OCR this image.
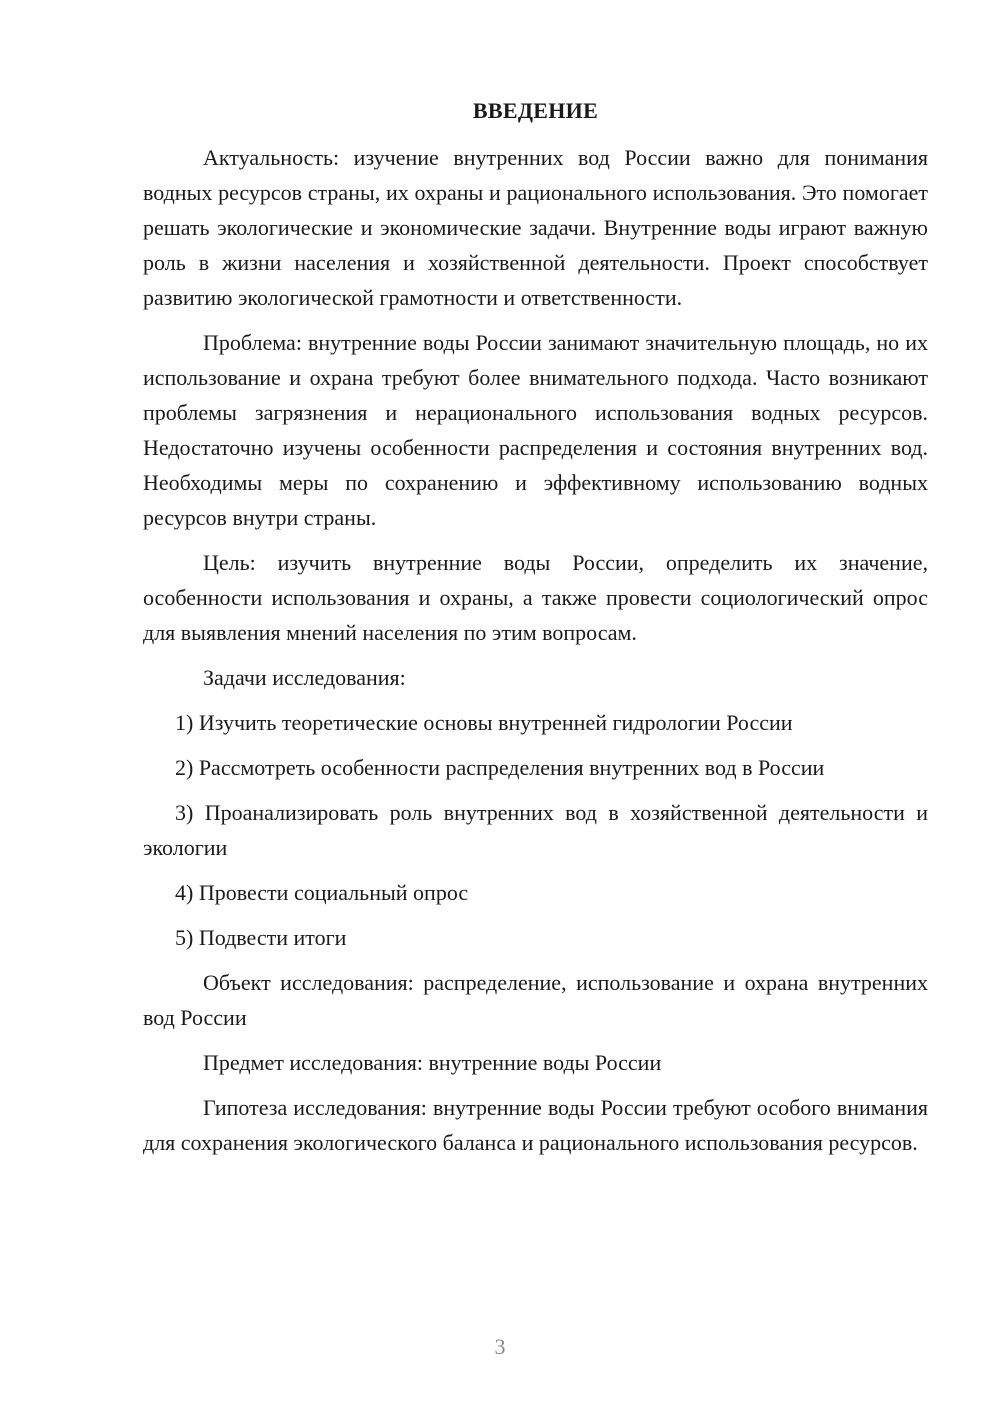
ВВЕДЕНИЕ

Актуальность: изучение внутренних вод России важно для понимания водных ресурсов страны, их охраны и рационального использования. Это помогает решать экологические и экономические задачи. Внутренние воды играют важную роль в жизни населения и хозяйственной деятельности. Проект способствует развитию экологической грамотности и ответственности.

Проблема: внутренние воды России занимают значительную площадь, но их использование и охрана требуют более внимательного подхода. Часто возникают проблемы загрязнения и нерационального использования водных ресурсов. Недостаточно изучены особенности распределения и состояния внутренних вод. Необходимы меры по сохранению и эффективному использованию водных ресурсов внутри страны.

Цель: изучить внутренние воды России, определить их значение, особенности использования и охраны, а также провести социологический опрос для выявления мнений населения по этим вопросам.

Задачи исследования:
1) Изучить теоретические основы внутренней гидрологии России
2) Рассмотреть особенности распределения внутренних вод в России

3) Проанализировать роль внутренних вод в хозяйственной деятельности и экологии

4) Провести социальный опрос
5) Подвести итоги

Объект исследования: распределение, использование и охрана внутренних вод России

Предмет исследования: внутренние воды России

Гипотеза исследования: внутренние воды России требуют особого внимания для сохранения экологического баланса и рационального использования ресурсов.

3
